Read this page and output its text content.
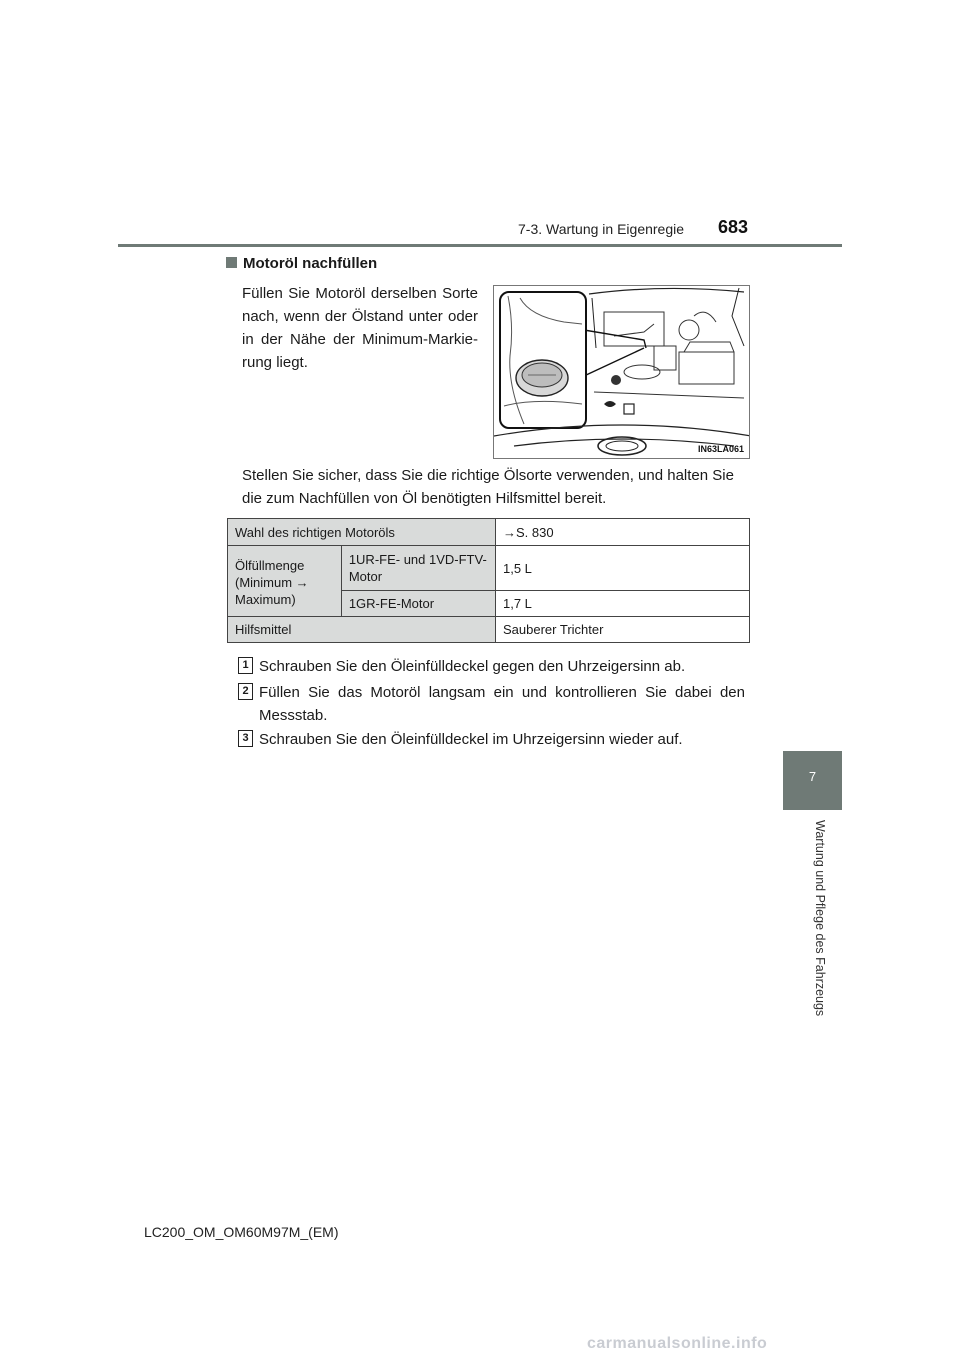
7-3. Wartung in Eigenregie 683
7
Wartung und Pflege des Fahrzeugs
Motoröl nachfüllen
Füllen Sie Motoröl derselben Sorte nach, wenn der Ölstand unter oder in der Nähe der Minimum-Markie-rung liegt.
IN63LA061
Stellen Sie sicher, dass Sie die richtige Ölsorte verwenden, und halten Sie die zum Nachfüllen von Öl benötigten Hilfsmittel bereit.
Wahl des richtigen Motoröls		→S. 830
Ölfüllmenge (Minimum → Maximum)	1UR-FE- und 1VD-FTV-Motor	1,5 L
	1GR-FE-Motor	1,7 L
Hilfsmittel		Sauberer Trichter
1 Schrauben Sie den Öleinfülldeckel gegen den Uhrzeigersinn ab.
2 Füllen Sie das Motoröl langsam ein und kontrollieren Sie dabei den Messstab.
3 Schrauben Sie den Öleinfülldeckel im Uhrzeigersinn wieder auf.
LC200_OM_OM60M97M_(EM)
carmanualsonline.info
